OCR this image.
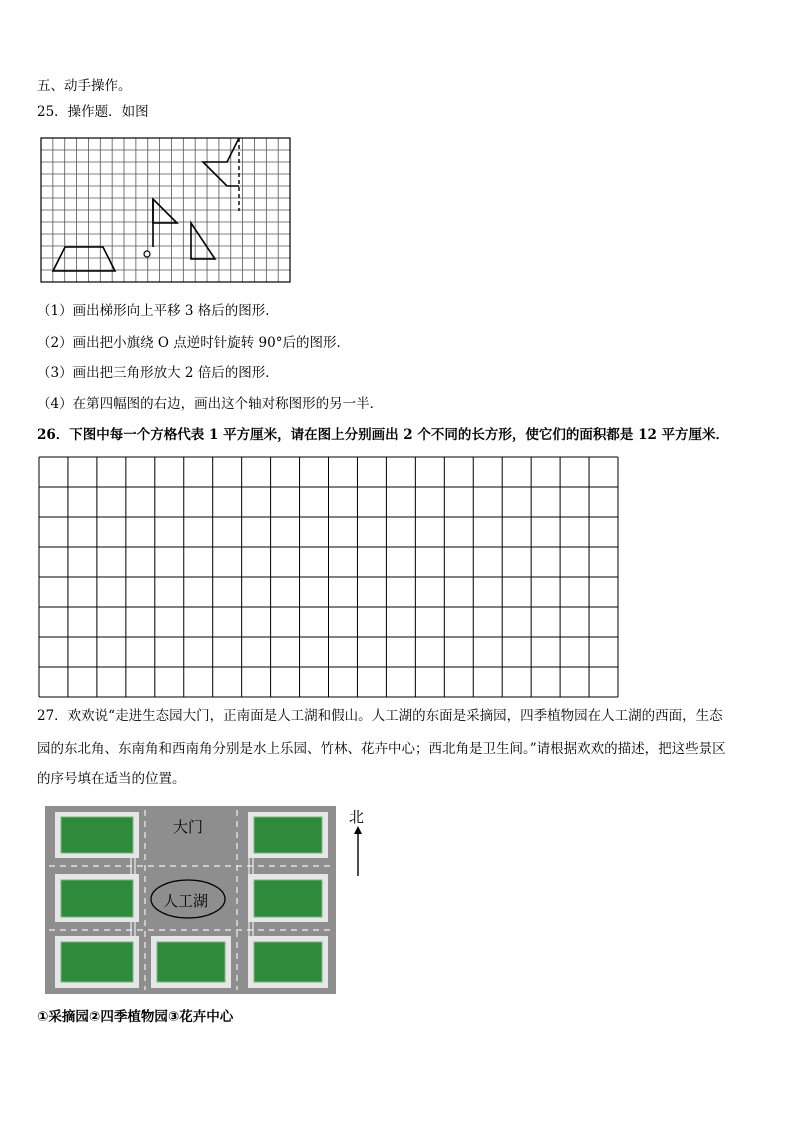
五、动手操作。
25．操作题．如图
（1）画出梯形向上平移 3 格后的图形．
（2）画出把小旗绕 O 点逆时针旋转 90°后的图形．
（3）画出把三角形放大 2 倍后的图形．
（4）在第四幅图的右边，画出这个轴对称图形的另一半．
26．下图中每一个方格代表 1 平方厘米，请在图上分别画出 2 个不同的长方形，使它们的面积都是 12 平方厘米．
27．欢欢说“走进生态园大门，正南面是人工湖和假山。人工湖的东面是采摘园，四季植物园在人工湖的西面，生态
园的东北角、东南角和西南角分别是水上乐园、竹林、花卉中心；西北角是卫生间。”请根据欢欢的描述，把这些景区
的序号填在适当的位置。
大门
人工湖
北
①采摘园②四季植物园③花卉中心
